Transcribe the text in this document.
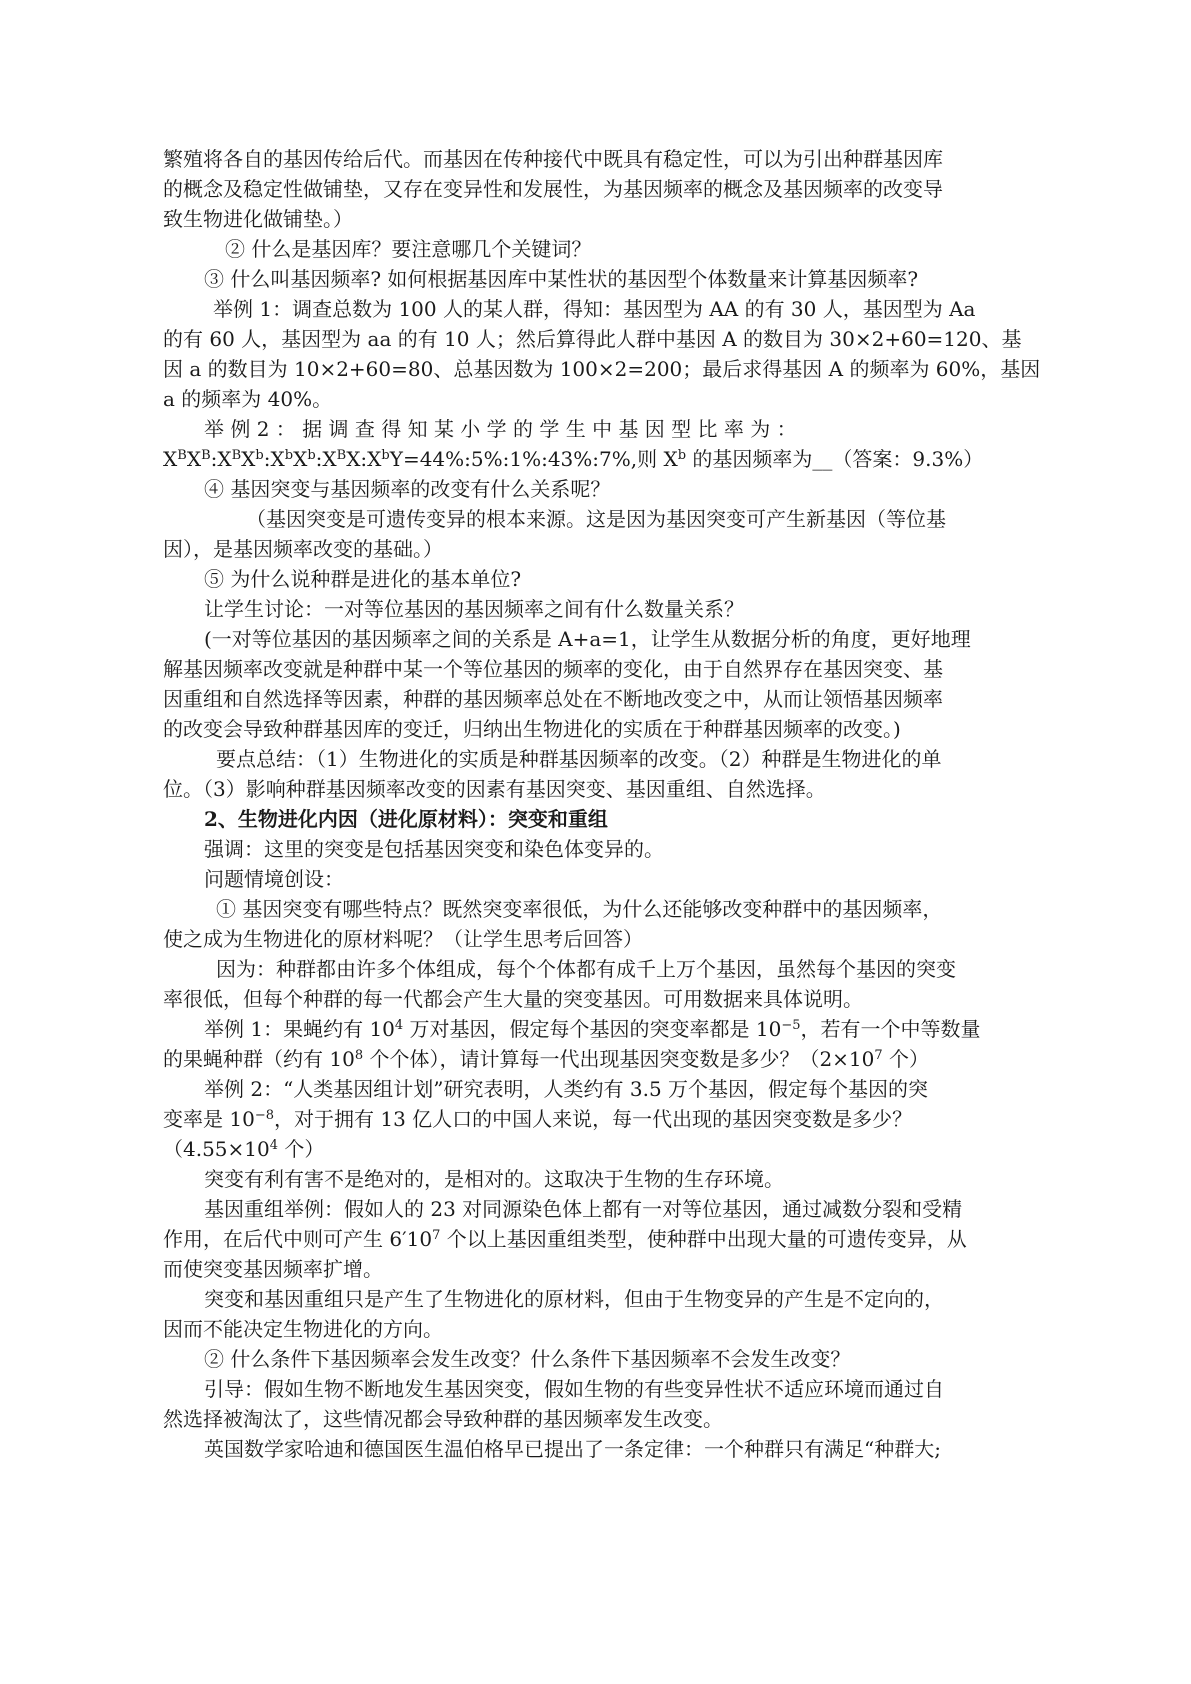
繁殖将各自的基因传给后代。而基因在传种接代中既具有稳定性，可以为引出种群基因库
的概念及稳定性做铺垫，又存在变异性和发展性，为基因频率的概念及基因频率的改变导
致生物进化做铺垫。）
② 什么是基因库？要注意哪几个关键词？
③ 什么叫基因频率? 如何根据基因库中某性状的基因型个体数量来计算基因频率?
举例 1：调查总数为 100 人的某人群，得知：基因型为 AA 的有 30 人，基因型为 Aa
的有 60 人，基因型为 aa 的有 10 人；然后算得此人群中基因 A 的数目为 30×2+60=120、基
因 a 的数目为 10×2+60=80、总基因数为 100×2=200；最后求得基因 A 的频率为 60%，基因
a 的频率为 40%。
举 例 2 ： 据 调 查 得 知 某 小 学 的 学 生 中 基 因 型 比 率 为 ：
$X^BX^B:X^BX^b:X^bX^b:X^BX:X^bY=44\%:5\%:1\%:43\%:7\%$,则 $X^b$ 的基因频率为__（答案：9.3%）
④ 基因突变与基因频率的改变有什么关系呢？
（基因突变是可遗传变异的根本来源。这是因为基因突变可产生新基因（等位基
因），是基因频率改变的基础。）
⑤ 为什么说种群是进化的基本单位?
让学生讨论：一对等位基因的基因频率之间有什么数量关系？
(一对等位基因的基因频率之间的关系是 A+a=1，让学生从数据分析的角度，更好地理
解基因频率改变就是种群中某一个等位基因的频率的变化，由于自然界存在基因突变、基
因重组和自然选择等因素，种群的基因频率总处在不断地改变之中，从而让领悟基因频率
的改变会导致种群基因库的变迁，归纳出生物进化的实质在于种群基因频率的改变。)
要点总结：（1）生物进化的实质是种群基因频率的改变。（2）种群是生物进化的单
位。（3）影响种群基因频率改变的因素有基因突变、基因重组、自然选择。
2、生物进化内因（进化原材料）：突变和重组
强调：这里的突变是包括基因突变和染色体变异的。
问题情境创设：
① 基因突变有哪些特点？既然突变率很低，为什么还能够改变种群中的基因频率，
使之成为生物进化的原材料呢？（让学生思考后回答）
因为：种群都由许多个体组成，每个个体都有成千上万个基因，虽然每个基因的突变
率很低，但每个种群的每一代都会产生大量的突变基因。可用数据来具体说明。
举例 1：果蝇约有 $10^4$ 万对基因，假定每个基因的突变率都是 $10^{-5}$，若有一个中等数量
的果蝇种群（约有 $10^8$ 个个体），请计算每一代出现基因突变数是多少？（$2\times 10^7$ 个）
举例 2：“人类基因组计划”研究表明，人类约有 3.5 万个基因，假定每个基因的突
变率是 $10^{-8}$，对于拥有 13 亿人口的中国人来说，每一代出现的基因突变数是多少？
（$4.55\times 10^4$ 个）
突变有利有害不是绝对的，是相对的。这取决于生物的生存环境。
基因重组举例：假如人的 23 对同源染色体上都有一对等位基因，通过减数分裂和受精
作用，在后代中则可产生 $6'10^7$ 个以上基因重组类型，使种群中出现大量的可遗传变异，从
而使突变基因频率扩增。
突变和基因重组只是产生了生物进化的原材料，但由于生物变异的产生是不定向的，
因而不能决定生物进化的方向。
② 什么条件下基因频率会发生改变？什么条件下基因频率不会发生改变？
引导：假如生物不断地发生基因突变，假如生物的有些变异性状不适应环境而通过自
然选择被淘汰了，这些情况都会导致种群的基因频率发生改变。
英国数学家哈迪和德国医生温伯格早已提出了一条定律：一个种群只有满足“种群大;
